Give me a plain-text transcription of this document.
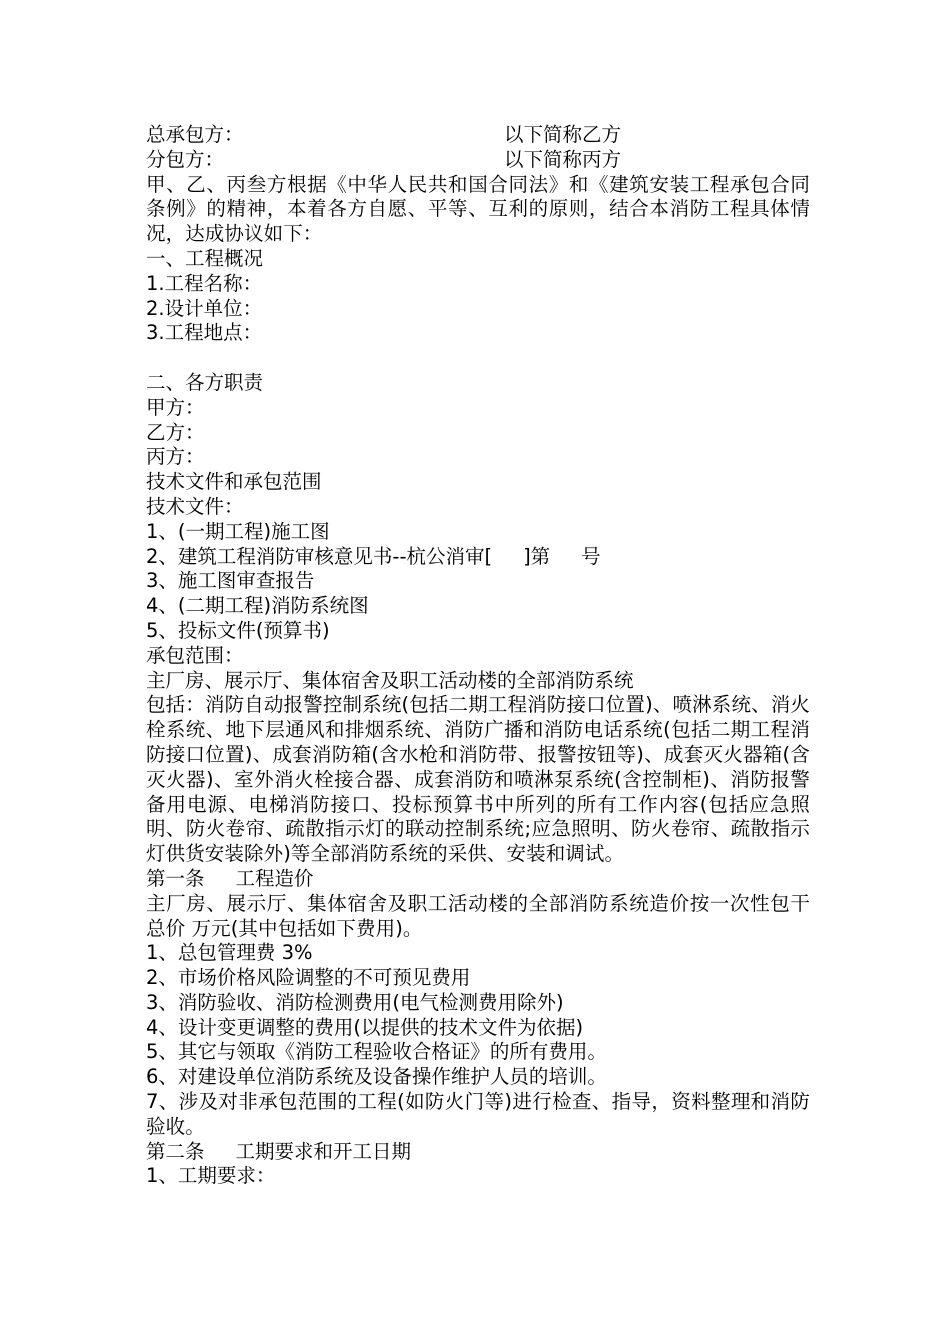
总承包方：	以下简称乙方
分包方：	以下简称丙方

甲、乙、丙叁方根据《中华人民共和国合同法》和《建筑安装工程承包合同条例》的精神，本着各方自愿、平等、互利的原则，结合本消防工程具体情况，达成协议如下：

一、工程概况

1.工程名称：

2.设计单位：

3.工程地点：

二、各方职责

甲方：

乙方：

丙方：

技术文件和承包范围

技术文件：

1、(一期工程)施工图

2、建筑工程消防审核意见书--杭公消审[     ]第     号

3、施工图审查报告

4、(二期工程)消防系统图

5、投标文件(预算书)

承包范围：

主厂房、展示厅、集体宿舍及职工活动楼的全部消防系统

包括：消防自动报警控制系统(包括二期工程消防接口位置)、喷淋系统、消火栓系统、地下层通风和排烟系统、消防广播和消防电话系统(包括二期工程消防接口位置)、成套消防箱(含水枪和消防带、报警按钮等)、成套灭火器箱(含灭火器)、室外消火栓接合器、成套消防和喷淋泵系统(含控制柜)、消防报警备用电源、电梯消防接口、投标预算书中所列的所有工作内容(包括应急照明、防火卷帘、疏散指示灯的联动控制系统;应急照明、防火卷帘、疏散指示灯供货安装除外)等全部消防系统的采供、安装和调试。

第一条     工程造价

主厂房、展示厅、集体宿舍及职工活动楼的全部消防系统造价按一次性包干总价 万元(其中包括如下费用)。

1、总包管理费 3%

2、市场价格风险调整的不可预见费用

3、消防验收、消防检测费用(电气检测费用除外)

4、设计变更调整的费用(以提供的技术文件为依据)

5、其它与领取《消防工程验收合格证》的所有费用。

6、对建设单位消防系统及设备操作维护人员的培训。

7、涉及对非承包范围的工程(如防火门等)进行检查、指导，资料整理和消防验收。

第二条     工期要求和开工日期

1、工期要求：
